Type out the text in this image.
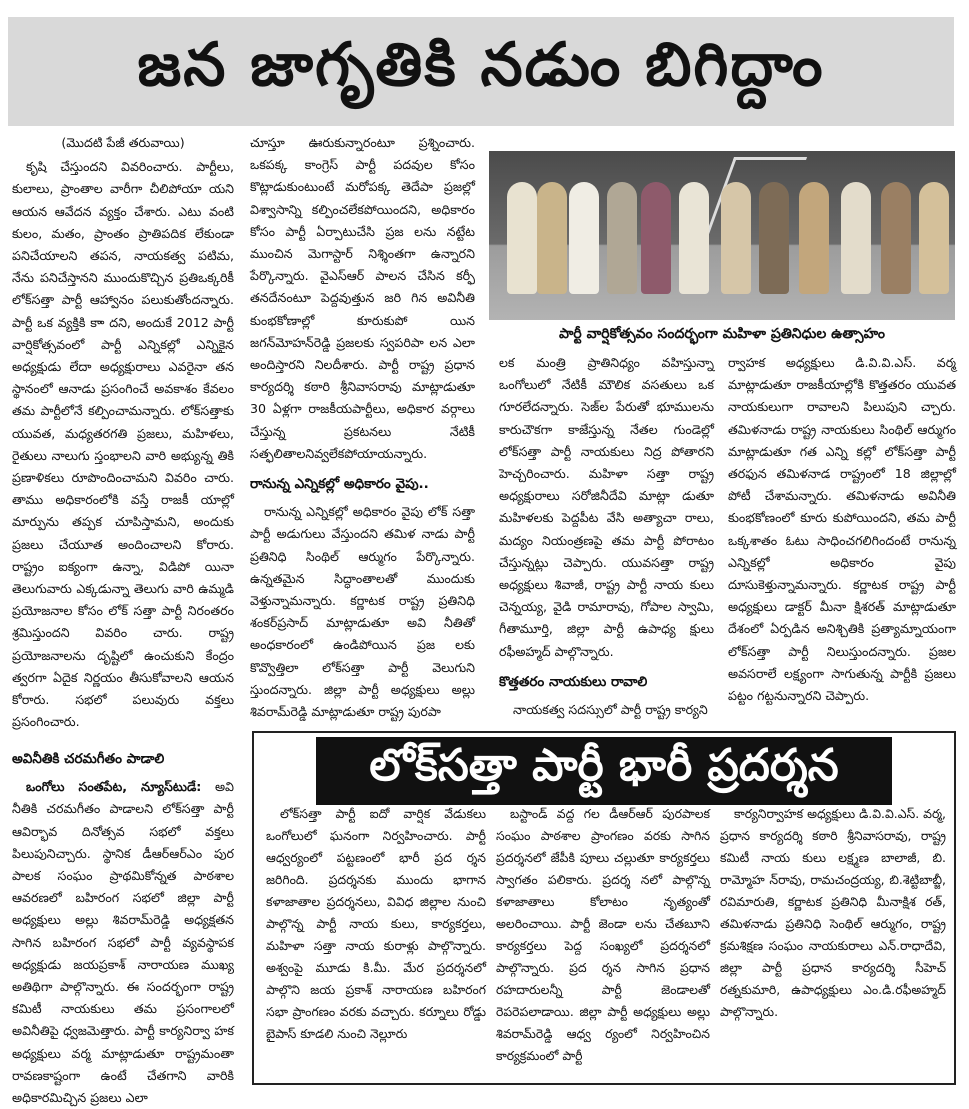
జన జాగృతికి నడుం బిగిద్దాం

(మొదటి పేజీ తరువాయి)

కృషి చేస్తుందని వివరించారు. పార్టీలు, కులాలు, ప్రాంతాల వారీగా చీలిపోయా యని ఆయన ఆవేదన వ్యక్తం చేశారు. ఎటు వంటి కులం, మతం, ప్రాంతం ప్రాతిపదిక లేకుండా పనిచేయాలని తపన, నాయకత్వ పటిమ, నేను పనిచేస్తానని ముందుకొచ్చిన ప్రతిఒక్కరికీ లోక్‌సత్తా పార్టీ ఆహ్వానం పలుకుతోందన్నారు. పార్టీ ఒక వ్యక్తికి కాా దని, అందుకే 2012 పార్టీ వార్షికోత్సవంలో పార్టీ ఎన్నికల్లో ఎన్నికైన అధ్యక్షుడు లేదా అధ్యక్షురాలు ఎవరైనా తన స్థానంలో ఆనాడు ప్రసంగించే అవకాశం కేవలం తమ పార్టీలోనే కల్పించామన్నారు. లోక్‌సత్తాకు యువత, మధ్యతరగతి ప్రజలు, మహిళలు, రైతులు నాలుగు స్తంభాలని వారి అభ్యున్న తికి ప్రణాళికలు రూపొందించామని వివరిం చారు. తాము అధికారంలోకి వస్తే రాజకీ యాల్లో మార్పును తప్పక చూపిస్తామని, అందుకు ప్రజలు చేయూత అందించాలని కోరారు. రాష్ట్రం ఐక్యంగా ఉన్నా, విడిపో యినా తెలుగువారు ఎక్కడున్నా తెలుగు వారి ఉమ్మడి ప్రయోజనాల కోసం లోక్ సత్తా పార్టీ నిరంతరం శ్రమిస్తుందని వివరిం చారు. రాష్ట్ర ప్రయోజనాలను దృష్టిలో ఉంచుకుని కేంద్రం త్వరగా ఏదైక నిర్ణయం తీసుకోవాలని ఆయన కోరారు. సభలో పలువురు వక్తలు ప్రసంగించారు.

అవినీతికి చరమగీతం పాడాలి

ఒంగోలు సంతపేట, న్యూస్‌టుడే: అవి నీతికి చరమగీతం పాడాలని లోక్‌సత్తా పార్టీ ఆవిర్భావ దినోత్సవ సభలో వక్తలు పిలుపునిచ్చారు. స్థానిక డీఆర్‌ఆర్‌ఎం పుర పాలక సంఘం ప్రాథమికోన్నత పాఠశాల ఆవరణలో బహిరంగ సభలో జిల్లా పార్టీ అధ్యక్షులు అల్లు శివరామ్‌రెడ్డి అధ్యక్షతన సాగిన బహిరంగ సభలో పార్టీ వ్యవస్థాపక అధ్యక్షుడు జయప్రకాశ్ నారాయణ ముఖ్య అతిథిగా పాల్గొన్నారు. ఈ సందర్భంగా రాష్ట్ర కమిటీ నాయకులు తమ ప్రసంగాలలో అవినీతిపై ధ్వజమెత్తారు. పార్టీ కార్యనిర్వా హక అధ్యక్షులు వర్మ మాట్లాడుతూ రాష్ట్రమంతా రావణకాష్టంగా ఉంటే చేతగాని వారికి అధికారమిచ్చిన ప్రజలు ఎలా

చూస్తూ ఊరుకున్నారంటూ ప్రశ్నించారు. ఒకపక్క కాంగ్రెస్ పార్టీ పదవుల కోసం కొట్లాడుకుంటుంటే మరోపక్క తెదేపా ప్రజల్లో విశ్వాసాన్ని కల్పించలేకపోయిందని, అధికారం కోసం పార్టీ ఏర్పాటుచేసి ప్రజ లను నట్టేట ముంచిన మెగాస్టార్ నిశ్శింతగా ఉన్నారని పేర్కొన్నారు. వైఎస్ఆర్ పాలన చేసిన కర్ఫీ తనదేనంటూ పెద్దవుత్తున జరి గిన అవినీతి కుంభకోణాల్లో కూరుకుపో యిన జగన్‌మోహన్‌రెడ్డి ప్రజలకు స్వపరిపా లన ఎలా అందిస్తారని నిలదీశారు. పార్టీ రాష్ట్ర ప్రధాన కార్యదర్శి కఠారి శ్రీనివాసరావు మాట్లాడుతూ 30 ఏళ్లగా రాజకీయపార్టీలు, అధికార వర్గాలు చేస్తున్న ప్రకటనలు నేటికీ సత్ఫలితాలనివ్వలేకపోయాయన్నారు.

రానున్న ఎన్నికల్లో అధికారం వైపు..

రానున్న ఎన్నికల్లో అధికారం వైపు లోక్ సత్తా పార్టీ అడుగులు వేస్తుందని తమిళ నాడు పార్టీ ప్రతినిధి సింథిల్ ఆర్ముగం పేర్కొన్నారు. ఉన్నతమైన సిద్ధాంతాలతో ముందుకు వెళ్తున్నామన్నారు. కర్ణాటక రాష్ట్ర ప్రతినిధి శంకర్‌ప్రసాద్ మాట్లాడుతూ అవి నీతితో అంధకారంలో ఉండిపోయిన ప్రజ లకు కొవ్వొత్తిలా లోక్‌సత్తా పార్టీ వెలుగుని స్తుందన్నారు. జిల్లా పార్టీ అధ్యక్షులు అల్లు శివరామ్‌రెడ్డి మాట్లాడుతూ రాష్ట్ర పురపా

పార్టీ వార్షికోత్సవం సందర్భంగా మహిళా ప్రతినిధుల ఉత్సాహం

లక మంత్రి ప్రాతినిధ్యం వహిస్తున్నా ఒంగోలులో నేటికీ మౌలిక వసతులు ఒక గూరలేదన్నారు. సెజ్‌ల పేరుతో భూములను కారుచౌకగా కాజేస్తున్న నేతల గుండెల్లో లోక్‌సత్తా పార్టీ నాయకులు నిద్ర పోతారని హెచ్చరించారు. మహిళా సత్తా రాష్ట్ర అధ్యక్షురాలు సరోజినీదేవి మాట్లా డుతూ మహిళలకు పెద్దపీట వేసి అత్యాచా రాలు, మద్యం నియంత్రణపై తమ పార్టీ పోరాటం చేస్తున్నట్లు చెప్పారు. యువసత్తా రాష్ట్ర అధ్యక్షులు శివాజీ, రాష్ట్ర పార్టీ నాయ కులు చెన్నయ్య, వైడి రామారావు, గోపాల స్వామి, గీతామూర్తి, జిల్లా పార్టీ ఉపాధ్య క్షులు రఫీఅహ్మద్ పాల్గొన్నారు.

కొత్తతరం నాయకులు రావాలి

నాయకత్వ సదస్సులో పార్టీ రాష్ట్ర కార్యని

ర్వాహక అధ్యక్షులు డి.వి.వి.ఎస్. వర్మ మాట్లాడుతూ రాజకీయాల్లోకి కొత్తతరం యువత నాయకులుగా రావాలని పిలుపుని చ్చారు. తమిళనాడు రాష్ట్ర నాయకులు సింథిల్ ఆర్ముగం మాట్లాడుతూ గత ఎన్ని కల్లో లోక్‌సత్తా పార్టీ తరఫున తమిళనాడ రాష్ట్రంలో 18 జిల్లాల్లో పోటీ చేశామన్నారు. తమిళనాడు అవినీతి కుంభకోణంలో కూరు కుపోయిందని, తమ పార్టీ ఒక్కశాతం ఓటు సాధించగలిగిందంటే రానున్న ఎన్నికల్లో అధికారం వైపు దూసుకెళ్తున్నామన్నారు. కర్ణాటక రాష్ట్ర పార్టీ అధ్యక్షులు డాక్టర్ మీనా క్షిశరత్ మాట్లాడుతూ దేశంలో ఏర్పడిన అనిశ్చితికి ప్రత్యామ్నాయంగా లోక్‌సత్తా పార్టీ నిలుస్తుందన్నారు. ప్రజల అవసరాలే లక్ష్యంగా సాగుతున్న పార్టీకి ప్రజలు పట్టం గట్టనున్నారని చెప్పారు.

లోక్‌సత్తా పార్టీ భారీ ప్రదర్శన

లోక్‌సత్తా పార్టీ ఐదో వార్షిక వేడుకలు ఒంగోలులో ఘనంగా నిర్వహించారు. పార్టీ ఆధ్వర్యంలో పట్టణంలో భారీ ప్రద ర్శన జరిగింది. ప్రదర్శనకు ముందు భాగాన కళాజాతాల ప్రదర్శనలు, వివిధ జిల్లాల నుంచి పాల్గొన్న పార్టీ నాయ కులు, కార్యకర్తలు, మహిళా సత్తా నాయ కురాళ్లు పాల్గొన్నారు. అశ్వంపై మూడు కి.మీ. మేర ప్రదర్శనలో పాల్గొని జయ ప్రకాశ్ నారాయణ బహిరంగ సభా ప్రాంగణం వరకు వచ్చారు. కర్నూలు రోడ్డు బైపాస్ కూడలి నుంచి నెల్లూరు

బస్టాండ్ వద్ద గల డీఆర్ఆర్ పురపాలక సంఘం పాఠశాల ప్రాంగణం వరకు సాగిన ప్రదర్శనలో జేపీకి పూలు చల్లుతూ కార్యకర్తలు స్వాగతం పలికారు. ప్రదర్శ నలో పాల్గొన్న కళాజాతాలు కోలాటం నృత్యంతో అలరించాయి. పార్టీ జెండా లను చేతబూని కార్యకర్తలు పెద్ద సంఖ్యలో ప్రదర్శనలో పాల్గొన్నారు. ప్రద ర్శన సాగిన ప్రధాన రహదారులన్నీ పార్టీ జెండాలతో రెపరెపలాడాయి. జిల్లా పార్టీ అధ్యక్షులు అల్లు శివరామ్‌రెడ్డి ఆధ్వ ర్యంలో నిర్వహించిన కార్యక్రమంలో పార్టీ

కార్యనిర్వాహక అధ్యక్షులు డి.వి.వి.ఎస్. వర్మ, ప్రధాన కార్యదర్శి కఠారి శ్రీనివాసరావు, రాష్ట్ర కమిటీ నాయ కులు లక్ష్మణ బాలాజీ, బి. రామ్మోహ న్‌రావు, రామచంద్రయ్య, బి.శెట్టిబాబ్జీ, రవిమారుతి, కర్ణాటక ప్రతినిధి మీనాక్షిశ రత్, తమిళనాడు ప్రతినిధి సెంథిల్ ఆర్ముగం, రాష్ట్ర క్రమశిక్షణ సంఘం నాయకురాలు ఎన్.రాధాదేవి, జిల్లా పార్టీ ప్రధాన కార్యదర్శి సీహెచ్ రత్నకుమారి, ఉపాధ్యక్షులు ఎం.డి.రఫీఅహ్మద్ పాల్గొన్నారు.
